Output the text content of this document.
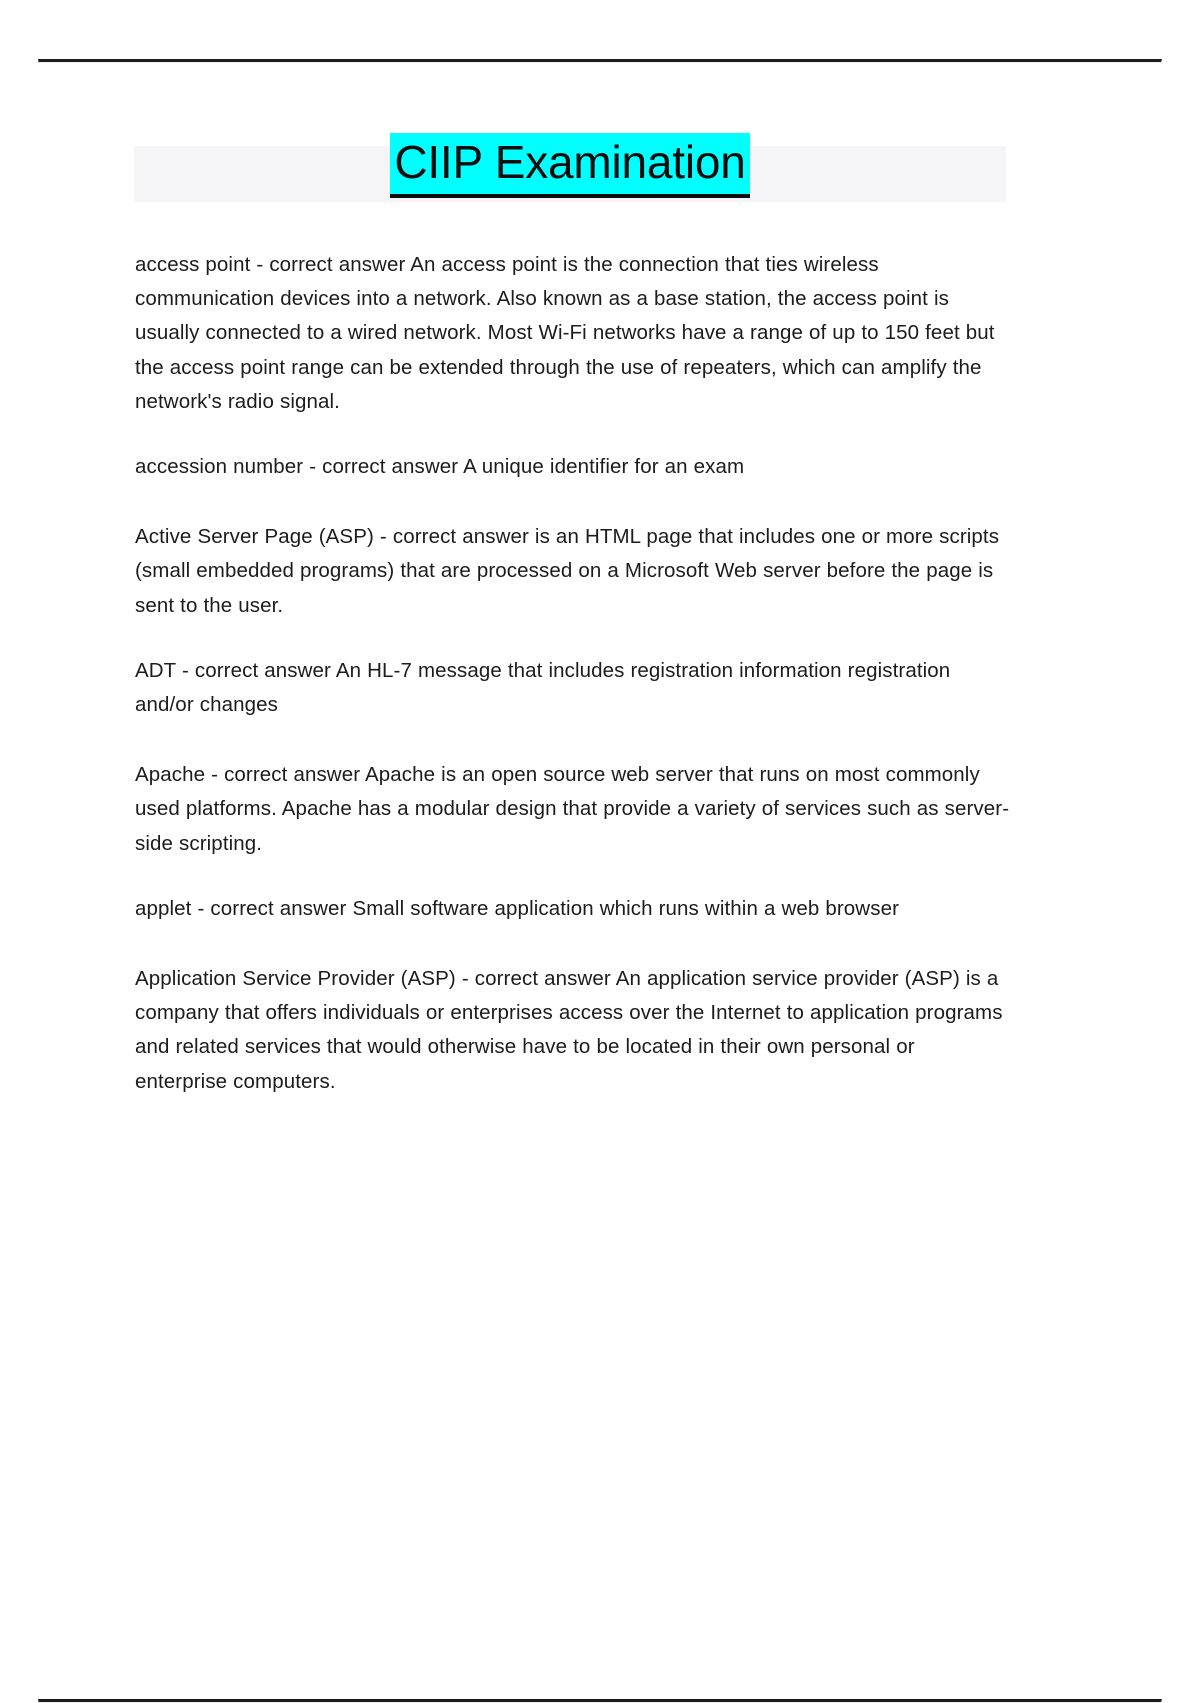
CIIP Examination

access point - correct answer An access point is the connection that ties wireless communication devices into a network. Also known as a base station, the access point is usually connected to a wired network. Most Wi-Fi networks have a range of up to 150 feet but the access point range can be extended through the use of repeaters, which can amplify the network's radio signal.

accession number - correct answer A unique identifier for an exam

Active Server Page (ASP) - correct answer is an HTML page that includes one or more scripts (small embedded programs) that are processed on a Microsoft Web server before the page is sent to the user.

ADT - correct answer An HL-7 message that includes registration information registration and/or changes

Apache - correct answer Apache is an open source web server that runs on most commonly used platforms. Apache has a modular design that provide a variety of services such as server-side scripting.

applet - correct answer Small software application which runs within a web browser

Application Service Provider (ASP) - correct answer An application service provider (ASP) is a company that offers individuals or enterprises access over the Internet to application programs and related services that would otherwise have to be located in their own personal or enterprise computers.
